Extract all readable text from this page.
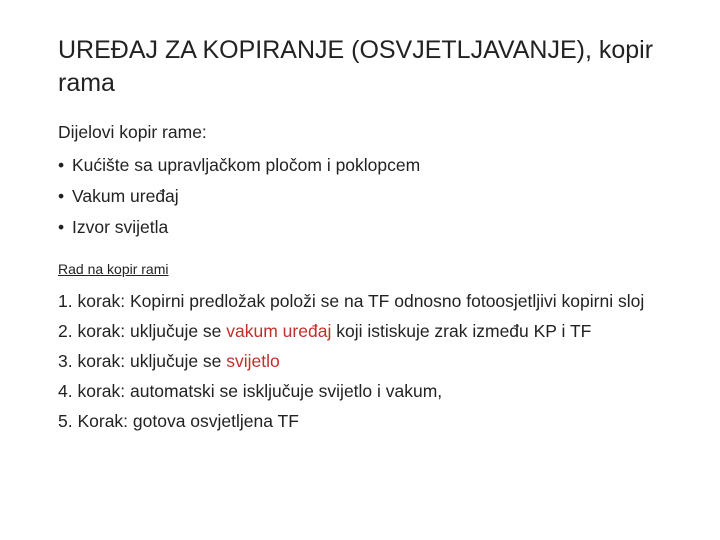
UREĐAJ ZA KOPIRANJE (OSVJETLJAVANJE), kopir rama
Dijelovi kopir rame:
• Kućište sa upravljačkom pločom i poklopcem
• Vakum uređaj
• Izvor svijetla
Rad na kopir rami
1. korak: Kopirni predložak položi se na TF odnosno fotoosjetljivi kopirni sloj
2. korak: uključuje se vakum uređaj koji istiskuje zrak između KP i TF
3. korak: uključuje se svijetlo
4. korak: automatski se isključuje svijetlo i vakum,
5. Korak: gotova osvjetljena TF
